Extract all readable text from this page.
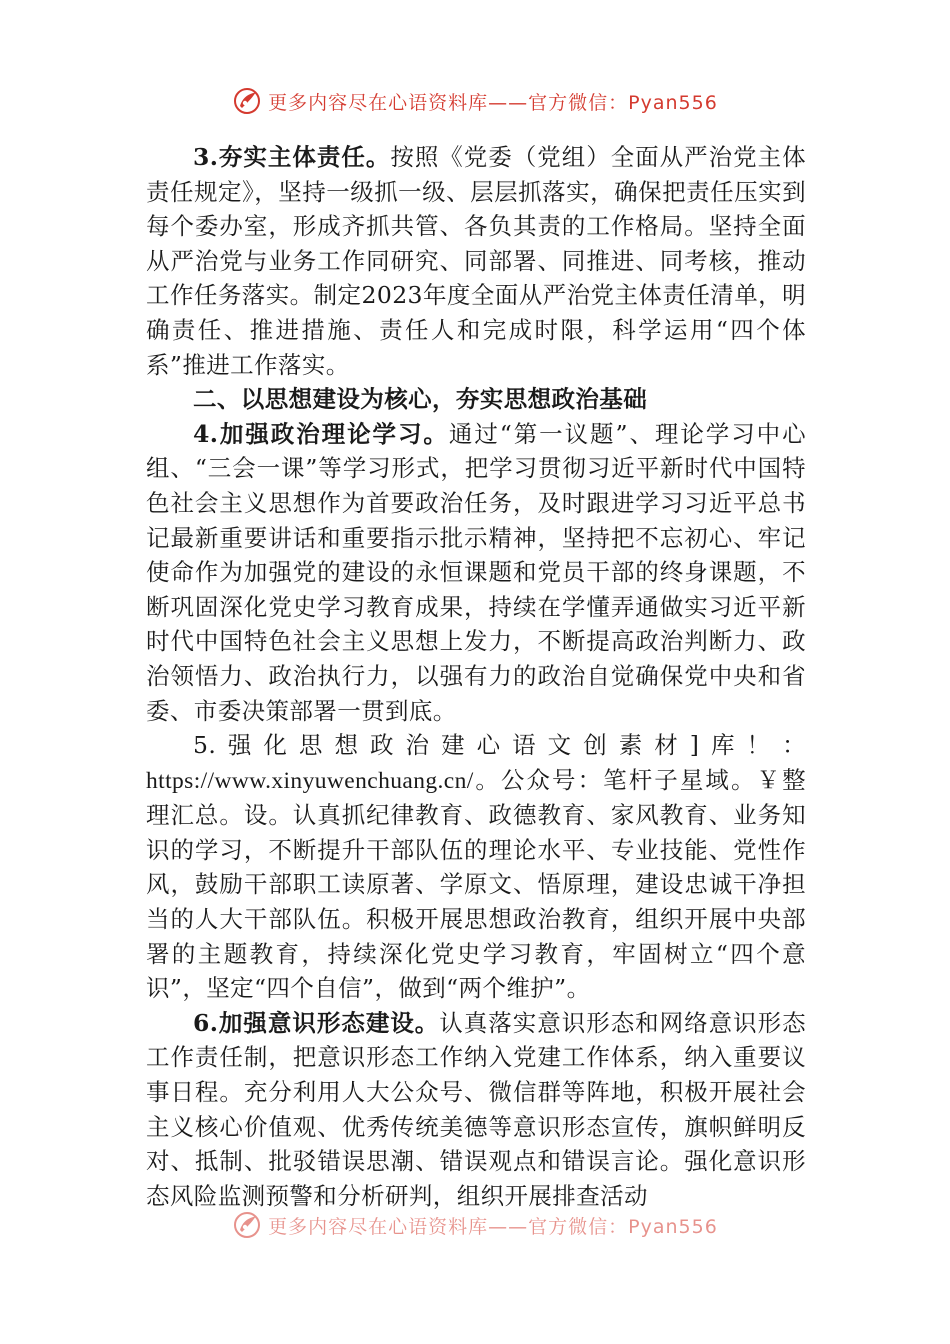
更多内容尽在心语资料库——官方微信：Pyan556

3.夯实主体责任。按照《党委（党组）全面从严治党主体责任规定》，坚持一级抓一级、层层抓落实，确保把责任压实到每个委办室，形成齐抓共管、各负其责的工作格局。坚持全面从严治党与业务工作同研究、同部署、同推进、同考核，推动工作任务落实。制定2023年度全面从严治党主体责任清单，明确责任、推进措施、责任人和完成时限，科学运用“四个体系”推进工作落实。

二、以思想建设为核心，夯实思想政治基础

4.加强政治理论学习。通过“第一议题”、理论学习中心组、“三会一课”等学习形式，把学习贯彻习近平新时代中国特色社会主义思想作为首要政治任务，及时跟进学习习近平总书记最新重要讲话和重要指示批示精神，坚持把不忘初心、牢记使命作为加强党的建设的永恒课题和党员干部的终身课题，不断巩固深化党史学习教育成果，持续在学懂弄通做实习近平新时代中国特色社会主义思想上发力，不断提高政治判断力、政治领悟力、政治执行力，以强有力的政治自觉确保党中央和省委、市委决策部署一贯到底。

5.强化思想政治建心语文创素材]库！：https://www.xinyuwenchuang.cn/。公众号：笔杆子星域。￥整理汇总。设。认真抓纪律教育、政德教育、家风教育、业务知识的学习，不断提升干部队伍的理论水平、专业技能、党性作风，鼓励干部职工读原著、学原文、悟原理，建设忠诚干净担当的人大干部队伍。积极开展思想政治教育，组织开展中央部署的主题教育，持续深化党史学习教育，牢固树立“四个意识”，坚定“四个自信”，做到“两个维护”。

6.加强意识形态建设。认真落实意识形态和网络意识形态工作责任制，把意识形态工作纳入党建工作体系，纳入重要议事日程。充分利用人大公众号、微信群等阵地，积极开展社会主义核心价值观、优秀传统美德等意识形态宣传，旗帜鲜明反对、抵制、批驳错误思潮、错误观点和错误言论。强化意识形态风险监测预警和分析研判，组织开展排查活动

更多内容尽在心语资料库——官方微信：Pyan556
